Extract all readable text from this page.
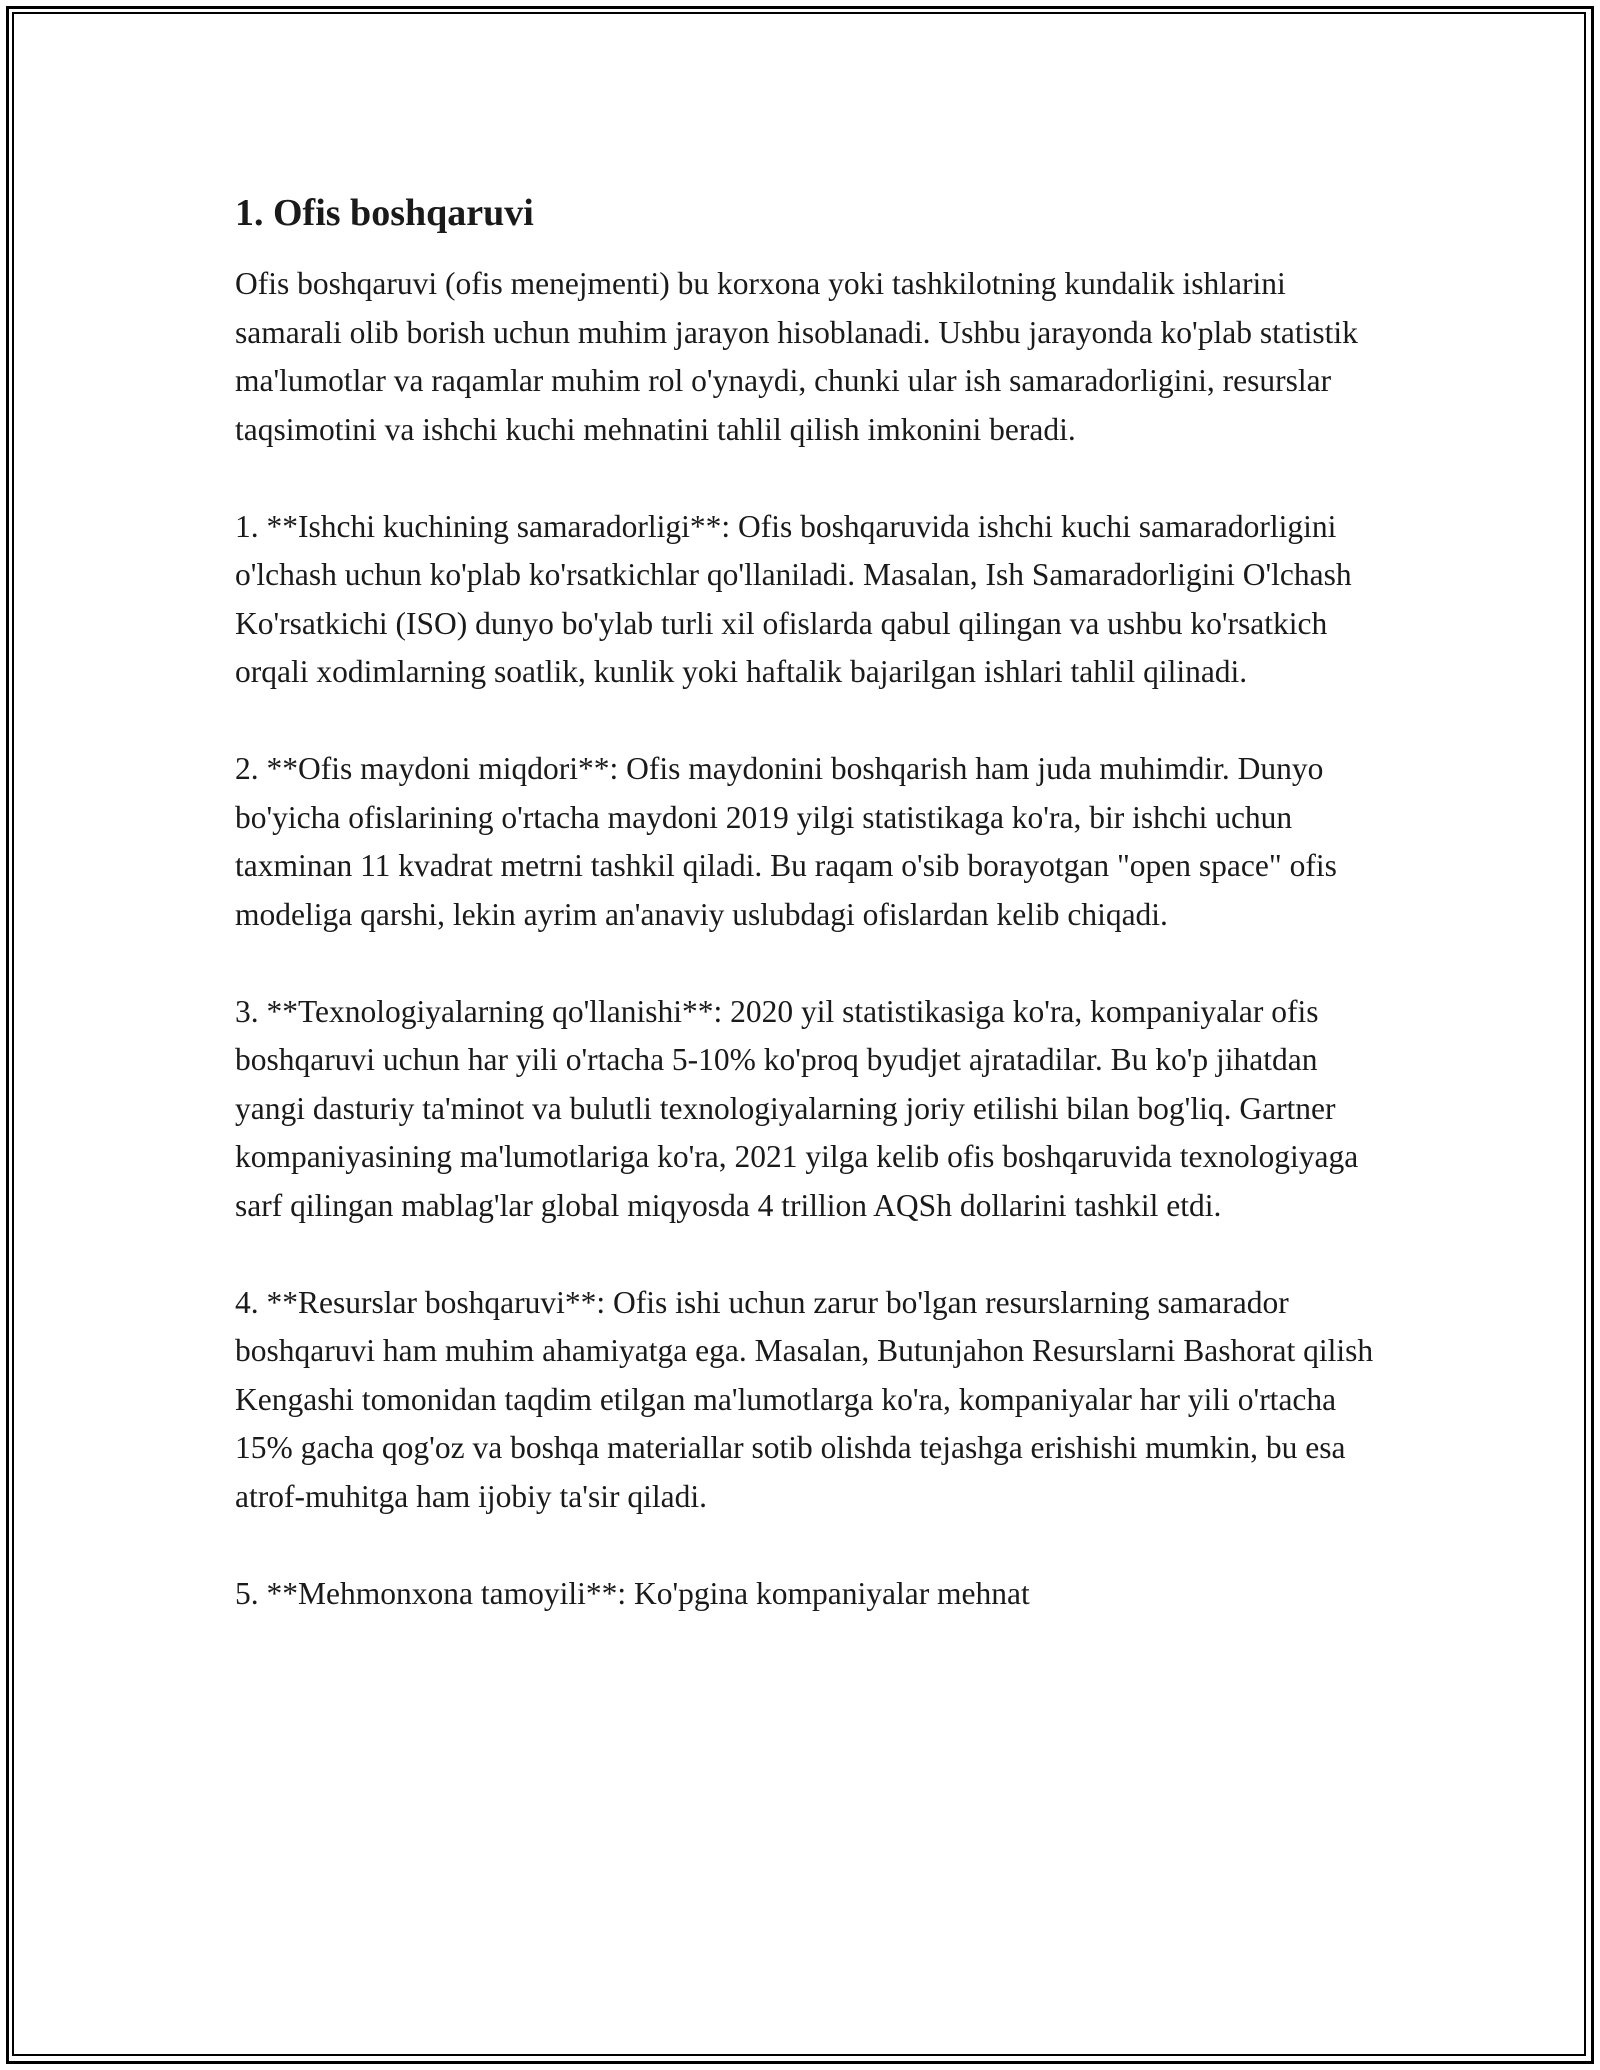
1. Ofis boshqaruvi

Ofis boshqaruvi (ofis menejmenti) bu korxona yoki tashkilotning kundalik ishlarini samarali olib borish uchun muhim jarayon hisoblanadi. Ushbu jarayonda ko'plab statistik ma'lumotlar va raqamlar muhim rol o'ynaydi, chunki ular ish samaradorligini, resurslar taqsimotini va ishchi kuchi mehnatini tahlil qilish imkonini beradi.

1. **Ishchi kuchining samaradorligi**: Ofis boshqaruvida ishchi kuchi samaradorligini o'lchash uchun ko'plab ko'rsatkichlar qo'llaniladi. Masalan, Ish Samaradorligini O'lchash Ko'rsatkichi (ISO) dunyo bo'ylab turli xil ofislarda qabul qilingan va ushbu ko'rsatkich orqali xodimlarning soatlik, kunlik yoki haftalik bajarilgan ishlari tahlil qilinadi.

2. **Ofis maydoni miqdori**: Ofis maydonini boshqarish ham juda muhimdir. Dunyo bo'yicha ofislarining o'rtacha maydoni 2019 yilgi statistikaga ko'ra, bir ishchi uchun taxminan 11 kvadrat metrni tashkil qiladi. Bu raqam o'sib borayotgan "open space" ofis modeliga qarshi, lekin ayrim an'anaviy uslubdagi ofislardan kelib chiqadi.

3. **Texnologiyalarning qo'llanishi**: 2020 yil statistikasiga ko'ra, kompaniyalar ofis boshqaruvi uchun har yili o'rtacha 5-10% ko'proq byudjet ajratadilar. Bu ko'p jihatdan yangi dasturiy ta'minot va bulutli texnologiyalarning joriy etilishi bilan bog'liq. Gartner kompaniyasining ma'lumotlariga ko'ra, 2021 yilga kelib ofis boshqaruvida texnologiyaga sarf qilingan mablag'lar global miqyosda 4 trillion AQSh dollarini tashkil etdi.

4. **Resurslar boshqaruvi**: Ofis ishi uchun zarur bo'lgan resurslarning samarador boshqaruvi ham muhim ahamiyatga ega. Masalan, Butunjahon Resurslarni Bashorat qilish Kengashi tomonidan taqdim etilgan ma'lumotlarga ko'ra, kompaniyalar har yili o'rtacha 15% gacha qog'oz va boshqa materiallar sotib olishda tejashga erishishi mumkin, bu esa atrof-muhitga ham ijobiy ta'sir qiladi.

5. **Mehmonxona tamoyili**: Ko'pgina kompaniyalar mehnat
